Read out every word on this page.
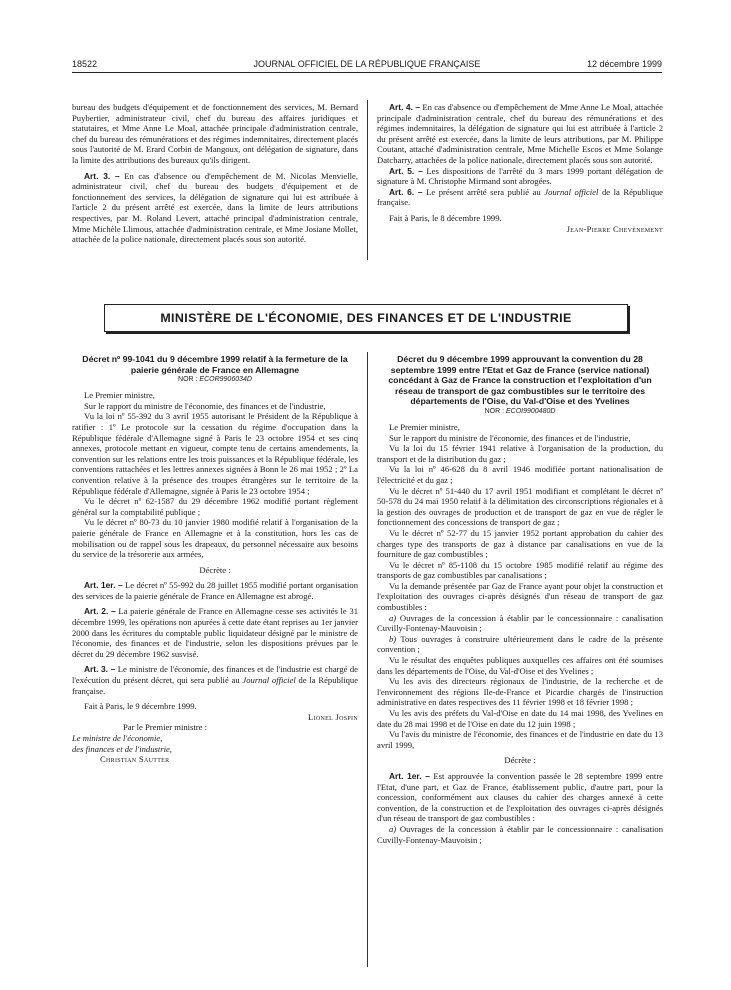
18522	JOURNAL OFFICIEL DE LA RÉPUBLIQUE FRANÇAISE	12 décembre 1999

bureau des budgets d'équipement et de fonctionnement des services, M. Bernard Puybertier, administrateur civil, chef du bureau des affaires juridiques et statutaires, et Mme Anne Le Moal, attachée principale d'administration centrale, chef du bureau des rémunérations et des régimes indemnitaires, directement placés sous l'autorité de M. Erard Corbin de Mangoux, ont délégation de signature, dans la limite des attributions des bureaux qu'ils dirigent.

Art. 3. – En cas d'absence ou d'empêchement de M. Nicolas Menvielle, administrateur civil, chef du bureau des budgets d'équipement et de fonctionnement des services, la délégation de signature qui lui est attribuée à l'article 2 du présent arrêté est exercée, dans la limite de leurs attributions respectives, par M. Roland Levert, attaché principal d'administration centrale, Mme Michèle Llimous, attachée d'administration centrale, et Mme Josiane Mollet, attachée de la police nationale, directement placés sous son autorité.

Art. 4. – En cas d'absence ou d'empêchement de Mme Anne Le Moal, attachée principale d'administration centrale, chef du bureau des rémunérations et des régimes indemnitaires, la délégation de signature qui lui est attribuée à l'article 2 du présent arrêté est exercée, dans la limite de leurs attributions, par M. Philippe Coutant, attaché d'administration centrale, Mme Michelle Escos et Mme Solange Datcharry, attachées de la police nationale, directement placés sous son autorité.

Art. 5. – Les dispositions de l'arrêté du 3 mars 1999 portant délégation de signature à M. Christophe Mirmand sont abrogées.

Art. 6. – Le présent arrêté sera publié au Journal officiel de la République française.

Fait à Paris, le 8 décembre 1999.

Jean-Pierre Chevènement

MINISTÈRE DE L'ÉCONOMIE, DES FINANCES ET DE L'INDUSTRIE

Décret nº 99-1041 du 9 décembre 1999 relatif à la fermeture de la paierie générale de France en Allemagne

NOR : ECOR9906034D

Le Premier ministre,

Sur le rapport du ministre de l'économie, des finances et de l'industrie,

Vu la loi nº 55-392 du 3 avril 1955 autorisant le Président de la République à ratifier : 1º Le protocole sur la cessation du régime d'occupation dans la République fédérale d'Allemagne signé à Paris le 23 octobre 1954 et ses cinq annexes, protocole mettant en vigueur, compte tenu de certains amendements, la convention sur les relations entre les trois puissances et la République fédérale, les conventions rattachées et les lettres annexes signées à Bonn le 26 mai 1952 ; 2º La convention relative à la présence des troupes étrangères sur le territoire de la République fédérale d'Allemagne, signée à Paris le 23 octobre 1954 ;

Vu le décret nº 62-1587 du 29 décembre 1962 modifié portant règlement général sur la comptabilité publique ;

Vu le décret nº 80-73 du 10 janvier 1980 modifié relatif à l'organisation de la paierie générale de France en Allemagne et à la constitution, hors les cas de mobilisation ou de rappel sous les drapeaux, du personnel nécessaire aux besoins du service de la trésorerie aux armées,

Décrète :

Art. 1er. – Le décret nº 55-992 du 28 juillet 1955 modifié portant organisation des services de la paierie générale de France en Allemagne est abrogé.

Art. 2. – La paierie générale de France en Allemagne cesse ses activités le 31 décembre 1999, les opérations non apurées à cette date étant reprises au 1er janvier 2000 dans les écritures du comptable public liquidateur désigné par le ministre de l'économie, des finances et de l'industrie, selon les dispositions prévues par le décret du 29 décembre 1962 susvisé.

Art. 3. – Le ministre de l'économie, des finances et de l'industrie est chargé de l'exécution du présent décret, qui sera publié au Journal officiel de la République française.

Fait à Paris, le 9 décembre 1999.

Lionel Jospin

Par le Premier ministre :

Le ministre de l'économie,

des finances et de l'industrie,

Christian Sautter

Décret du 9 décembre 1999 approuvant la convention du 28 septembre 1999 entre l'Etat et Gaz de France (service national) concédant à Gaz de France la construction et l'exploitation d'un réseau de transport de gaz combustibles sur le territoire des départements de l'Oise, du Val-d'Oise et des Yvelines

NOR : ECOI9900480D

Le Premier ministre,

Sur le rapport du ministre de l'économie, des finances et de l'industrie,

Vu la loi du 15 février 1941 relative à l'organisation de la production, du transport et de la distribution du gaz ;

Vu la loi nº 46-628 du 8 avril 1946 modifiée portant nationalisation de l'électricité et du gaz ;

Vu le décret nº 51-440 du 17 avril 1951 modifiant et complétant le décret nº 50-578 du 24 mai 1950 relatif à la délimitation des circonscriptions régionales et à la gestion des ouvrages de production et de transport de gaz en vue de régler le fonctionnement des concessions de transport de gaz ;

Vu le décret nº 52-77 du 15 janvier 1952 portant approbation du cahier des charges type des transports de gaz à distance par canalisations en vue de la fourniture de gaz combustibles ;

Vu le décret nº 85-1108 du 15 octobre 1985 modifié relatif au régime des transports de gaz combustibles par canalisations ;

Vu la demande présentée par Gaz de France ayant pour objet la construction et l'exploitation des ouvrages ci-après désignés d'un réseau de transport de gaz combustibles :

a) Ouvrages de la concession à établir par le concessionnaire : canalisation Cuvilly-Fontenay-Mauvoisin ;

b) Tous ouvrages à construire ultérieurement dans le cadre de la présente convention ;

Vu le résultat des enquêtes publiques auxquelles ces affaires ont été soumises dans les départements de l'Oise, du Val-d'Oise et des Yvelines ;

Vu les avis des directeurs régionaux de l'industrie, de la recherche et de l'environnement des régions Ile-de-France et Picardie chargés de l'instruction administrative en dates respectives des 11 février 1998 et 18 février 1998 ;

Vu les avis des préfets du Val-d'Oise en date du 14 mai 1998, des Yvelines en date du 28 mai 1998 et de l'Oise en date du 12 juin 1998 ;

Vu l'avis du ministre de l'économie, des finances et de l'industrie en date du 13 avril 1999,

Décrète :

Art. 1er. – Est approuvée la convention passée le 28 septembre 1999 entre l'Etat, d'une part, et Gaz de France, établissement public, d'autre part, pour la concession, conformément aux clauses du cahier des charges annexé à cette convention, de la construction et de l'exploitation des ouvrages ci-après désignés d'un réseau de transport de gaz combustibles :

a) Ouvrages de la concession à établir par le concessionnaire : canalisation Cuvilly-Fontenay-Mauvoisin ;
